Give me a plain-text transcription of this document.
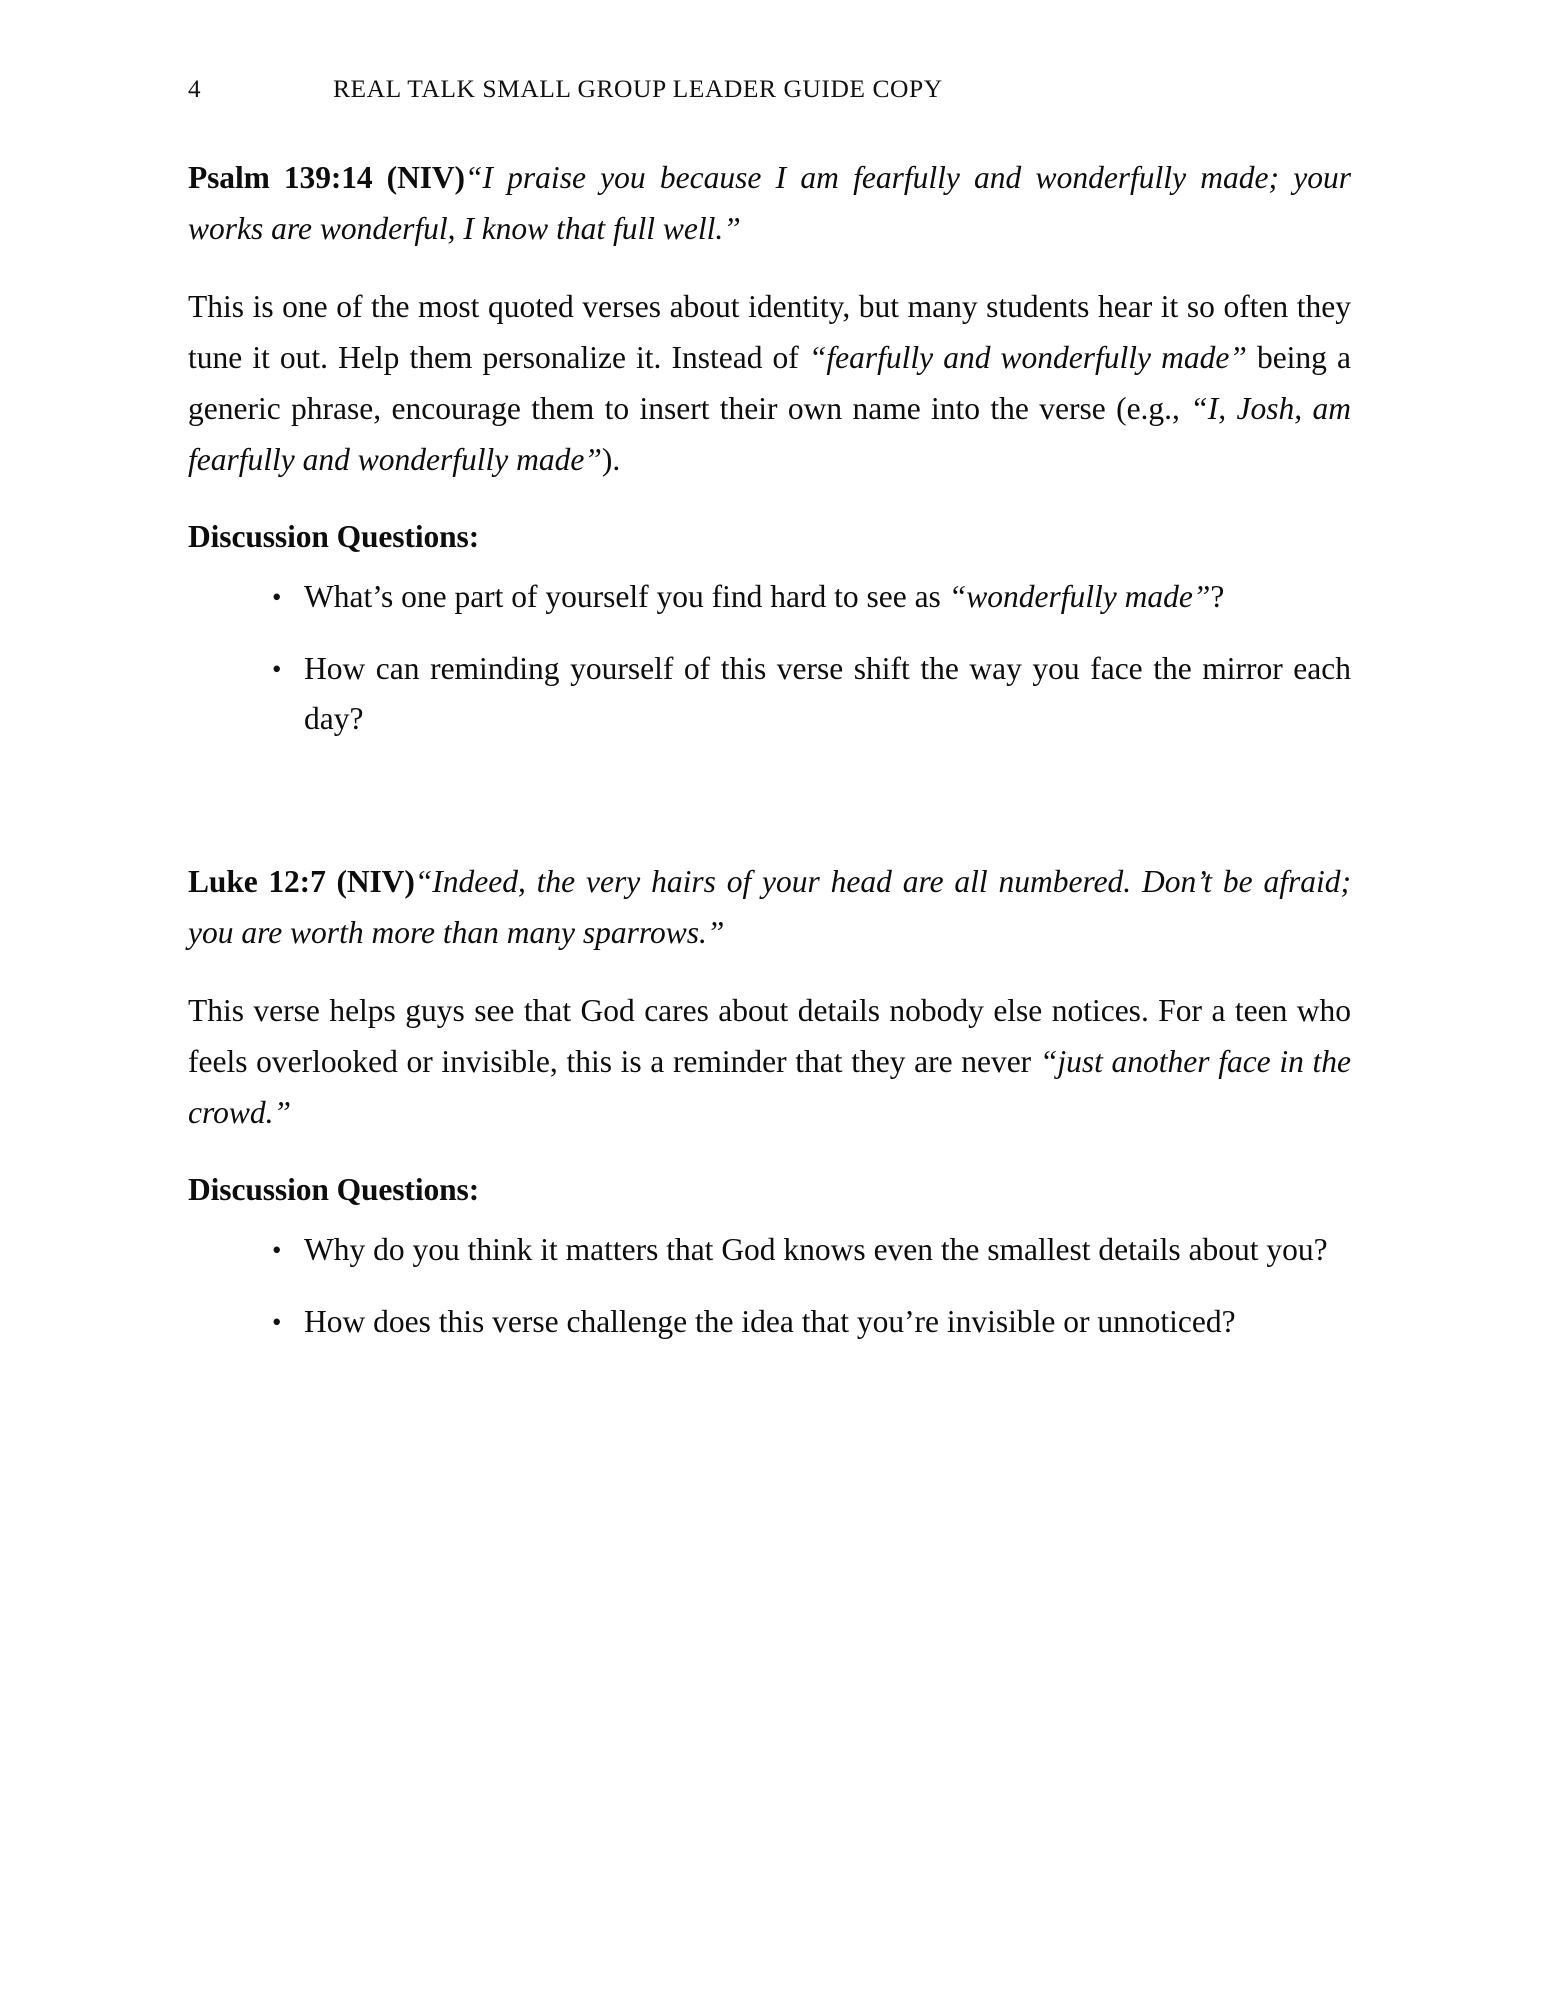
4	REAL TALK SMALL GROUP LEADER GUIDE COPY

Psalm 139:14 (NIV)“I praise you because I am fearfully and wonderfully made; your works are wonderful, I know that full well.”

This is one of the most quoted verses about identity, but many students hear it so often they tune it out. Help them personalize it. Instead of “fearfully and wonderfully made” being a generic phrase, encourage them to insert their own name into the verse (e.g., “I, Josh, am fearfully and wonderfully made”).

Discussion Questions:
• What’s one part of yourself you find hard to see as “wonderfully made”?
• How can reminding yourself of this verse shift the way you face the mirror each day?

Luke 12:7 (NIV)“Indeed, the very hairs of your head are all numbered. Don’t be afraid; you are worth more than many sparrows.”

This verse helps guys see that God cares about details nobody else notices. For a teen who feels overlooked or invisible, this is a reminder that they are never “just another face in the crowd.”

Discussion Questions:
• Why do you think it matters that God knows even the smallest details about you?
• How does this verse challenge the idea that you’re invisible or unnoticed?
